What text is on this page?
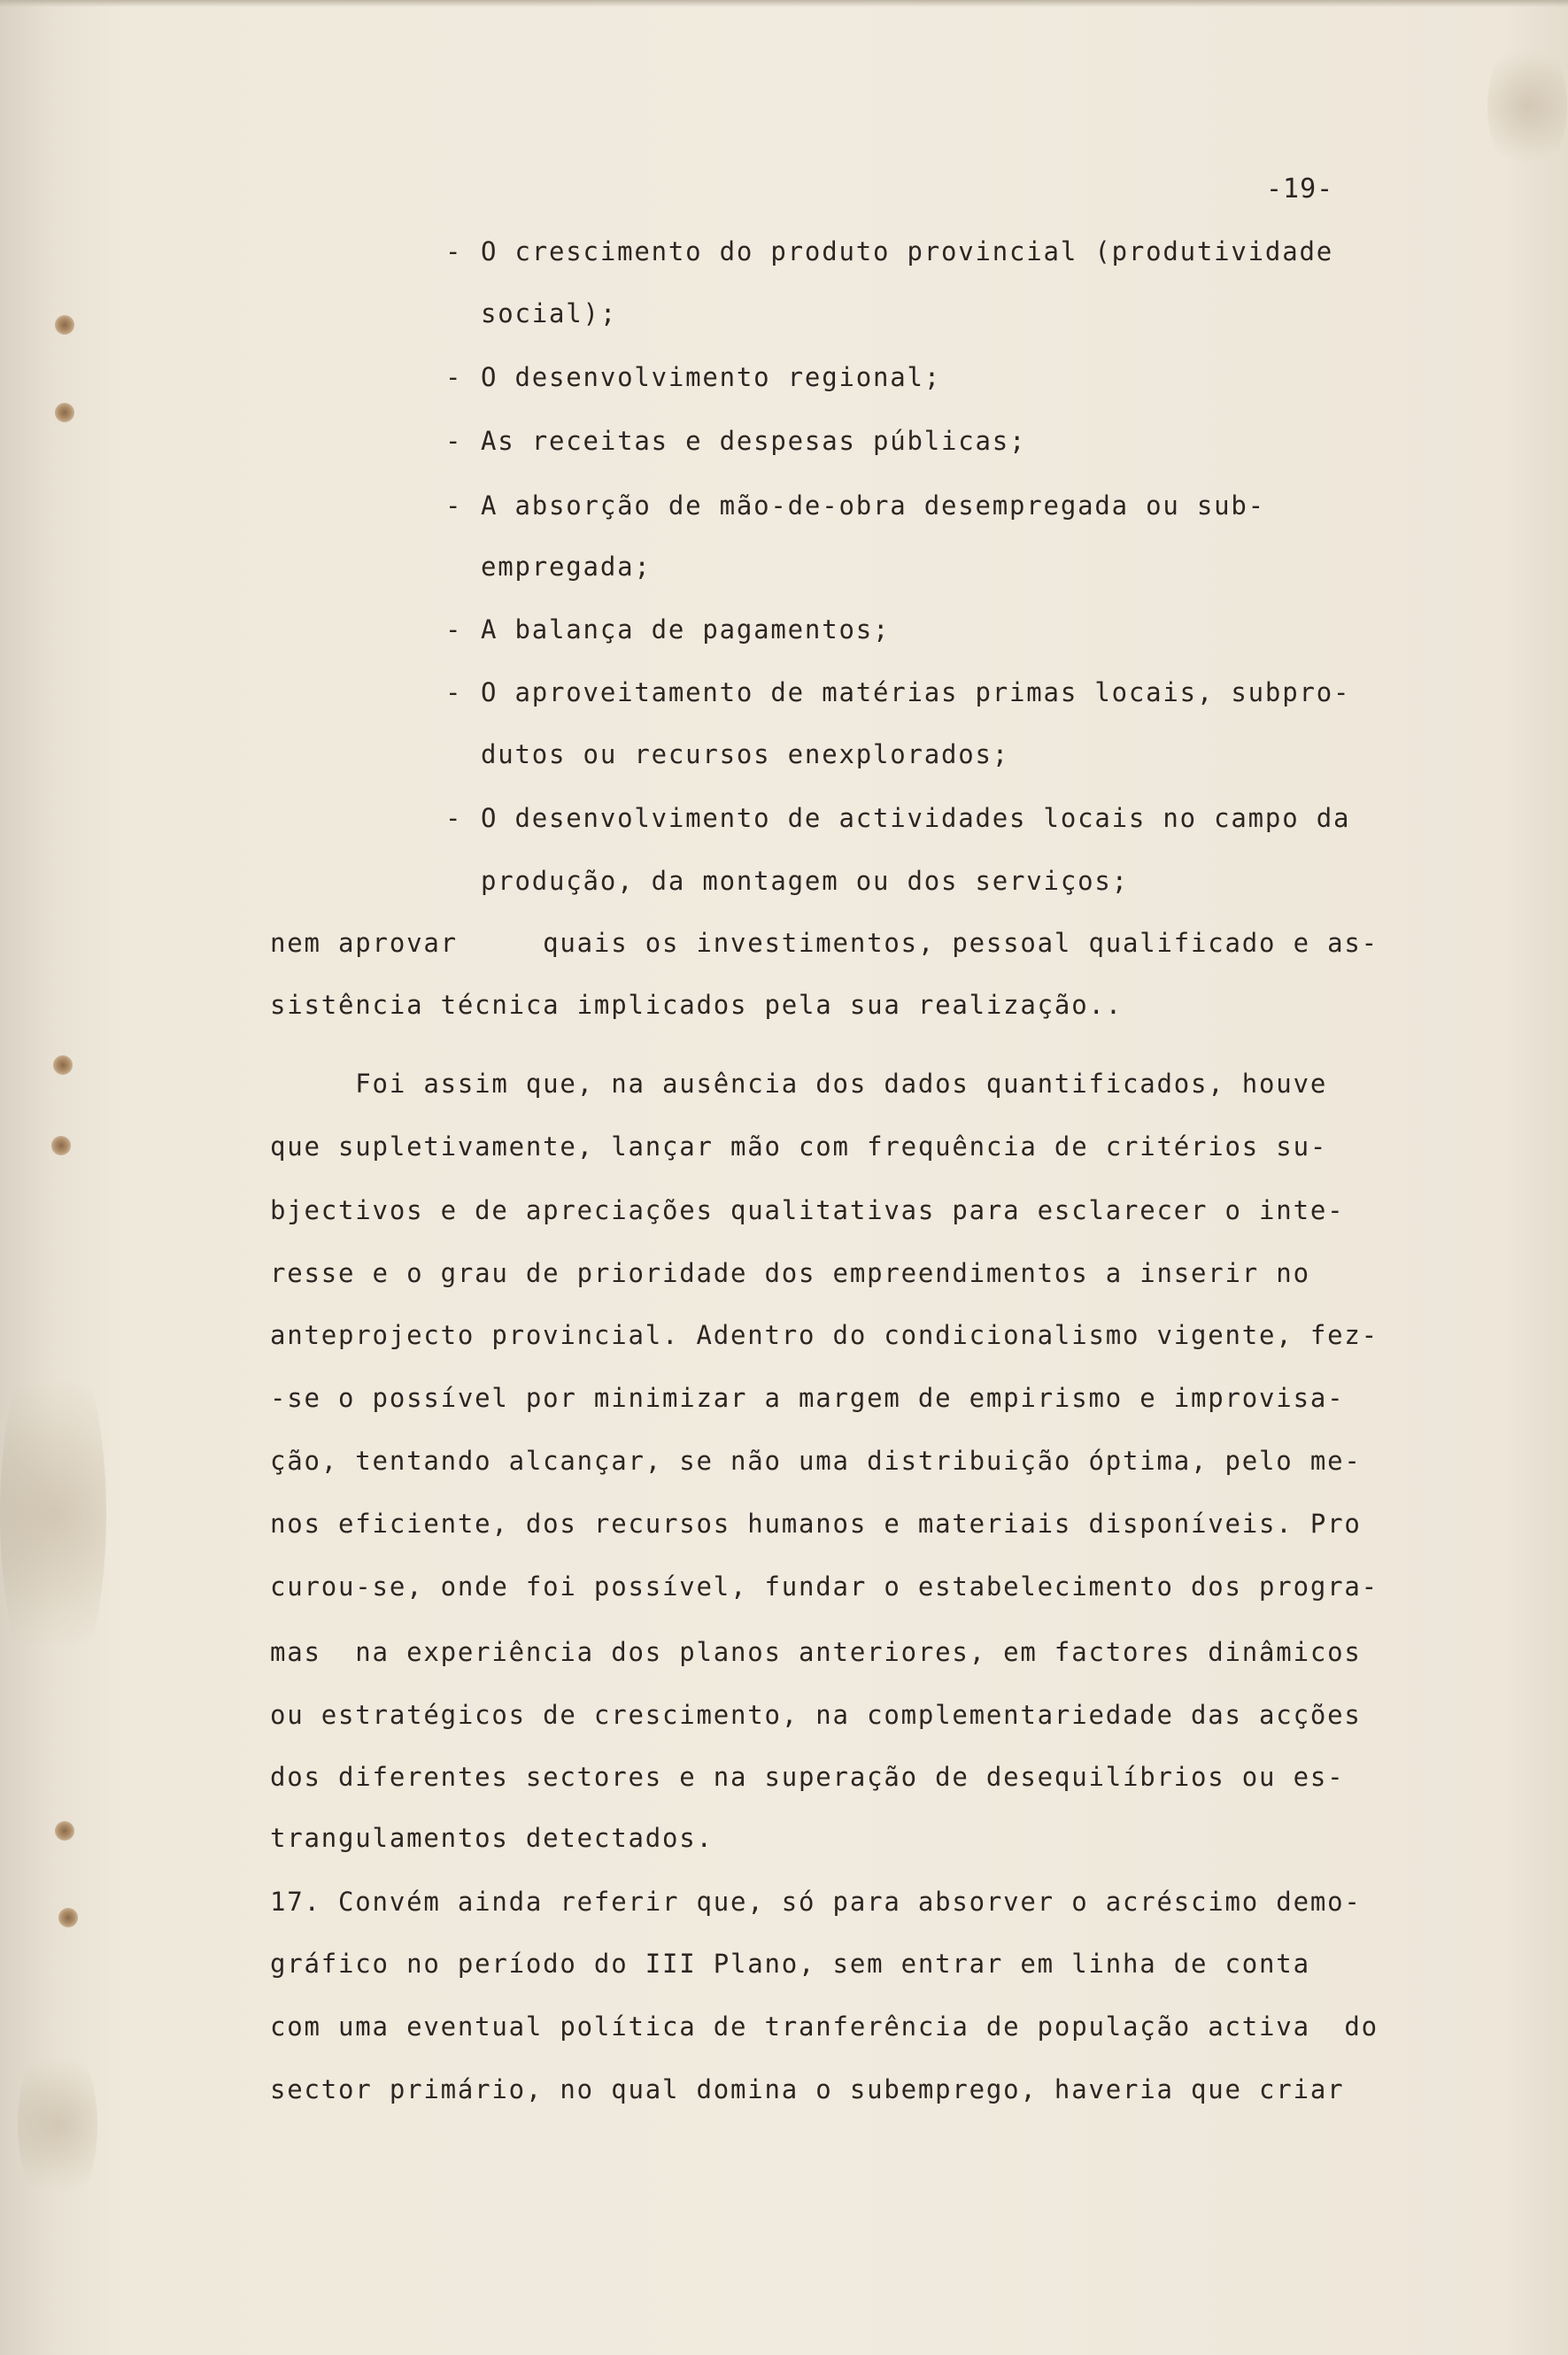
-19-
- O crescimento do produto provincial (produtividade
social);
- O desenvolvimento regional;
- As receitas e despesas públicas;
- A absorção de mão-de-obra desempregada ou sub-
empregada;
- A balança de pagamentos;
- O aproveitamento de matérias primas locais, subpro-
dutos ou recursos enexplorados;
- O desenvolvimento de actividades locais no campo da
produção, da montagem ou dos serviços;
nem aprovar     quais os investimentos, pessoal qualificado e as-
sistência técnica implicados pela sua realização..
Foi assim que, na ausência dos dados quantificados, houve
que supletivamente, lançar mão com frequência de critérios su-
bjectivos e de apreciações qualitativas para esclarecer o inte-
resse e o grau de prioridade dos empreendimentos a inserir no
anteprojecto provincial. Adentro do condicionalismo vigente, fez-
-se o possível por minimizar a margem de empirismo e improvisa-
ção, tentando alcançar, se não uma distribuição óptima, pelo me-
nos eficiente, dos recursos humanos e materiais disponíveis. Pro
curou-se, onde foi possível, fundar o estabelecimento dos progra-
mas  na experiência dos planos anteriores, em factores dinâmicos
ou estratégicos de crescimento, na complementariedade das acções
dos diferentes sectores e na superação de desequilíbrios ou es-
trangulamentos detectados.
17. Convém ainda referir que, só para absorver o acréscimo demo-
gráfico no período do III Plano, sem entrar em linha de conta
com uma eventual política de tranferência de população activa  do
sector primário, no qual domina o subemprego, haveria que criar
